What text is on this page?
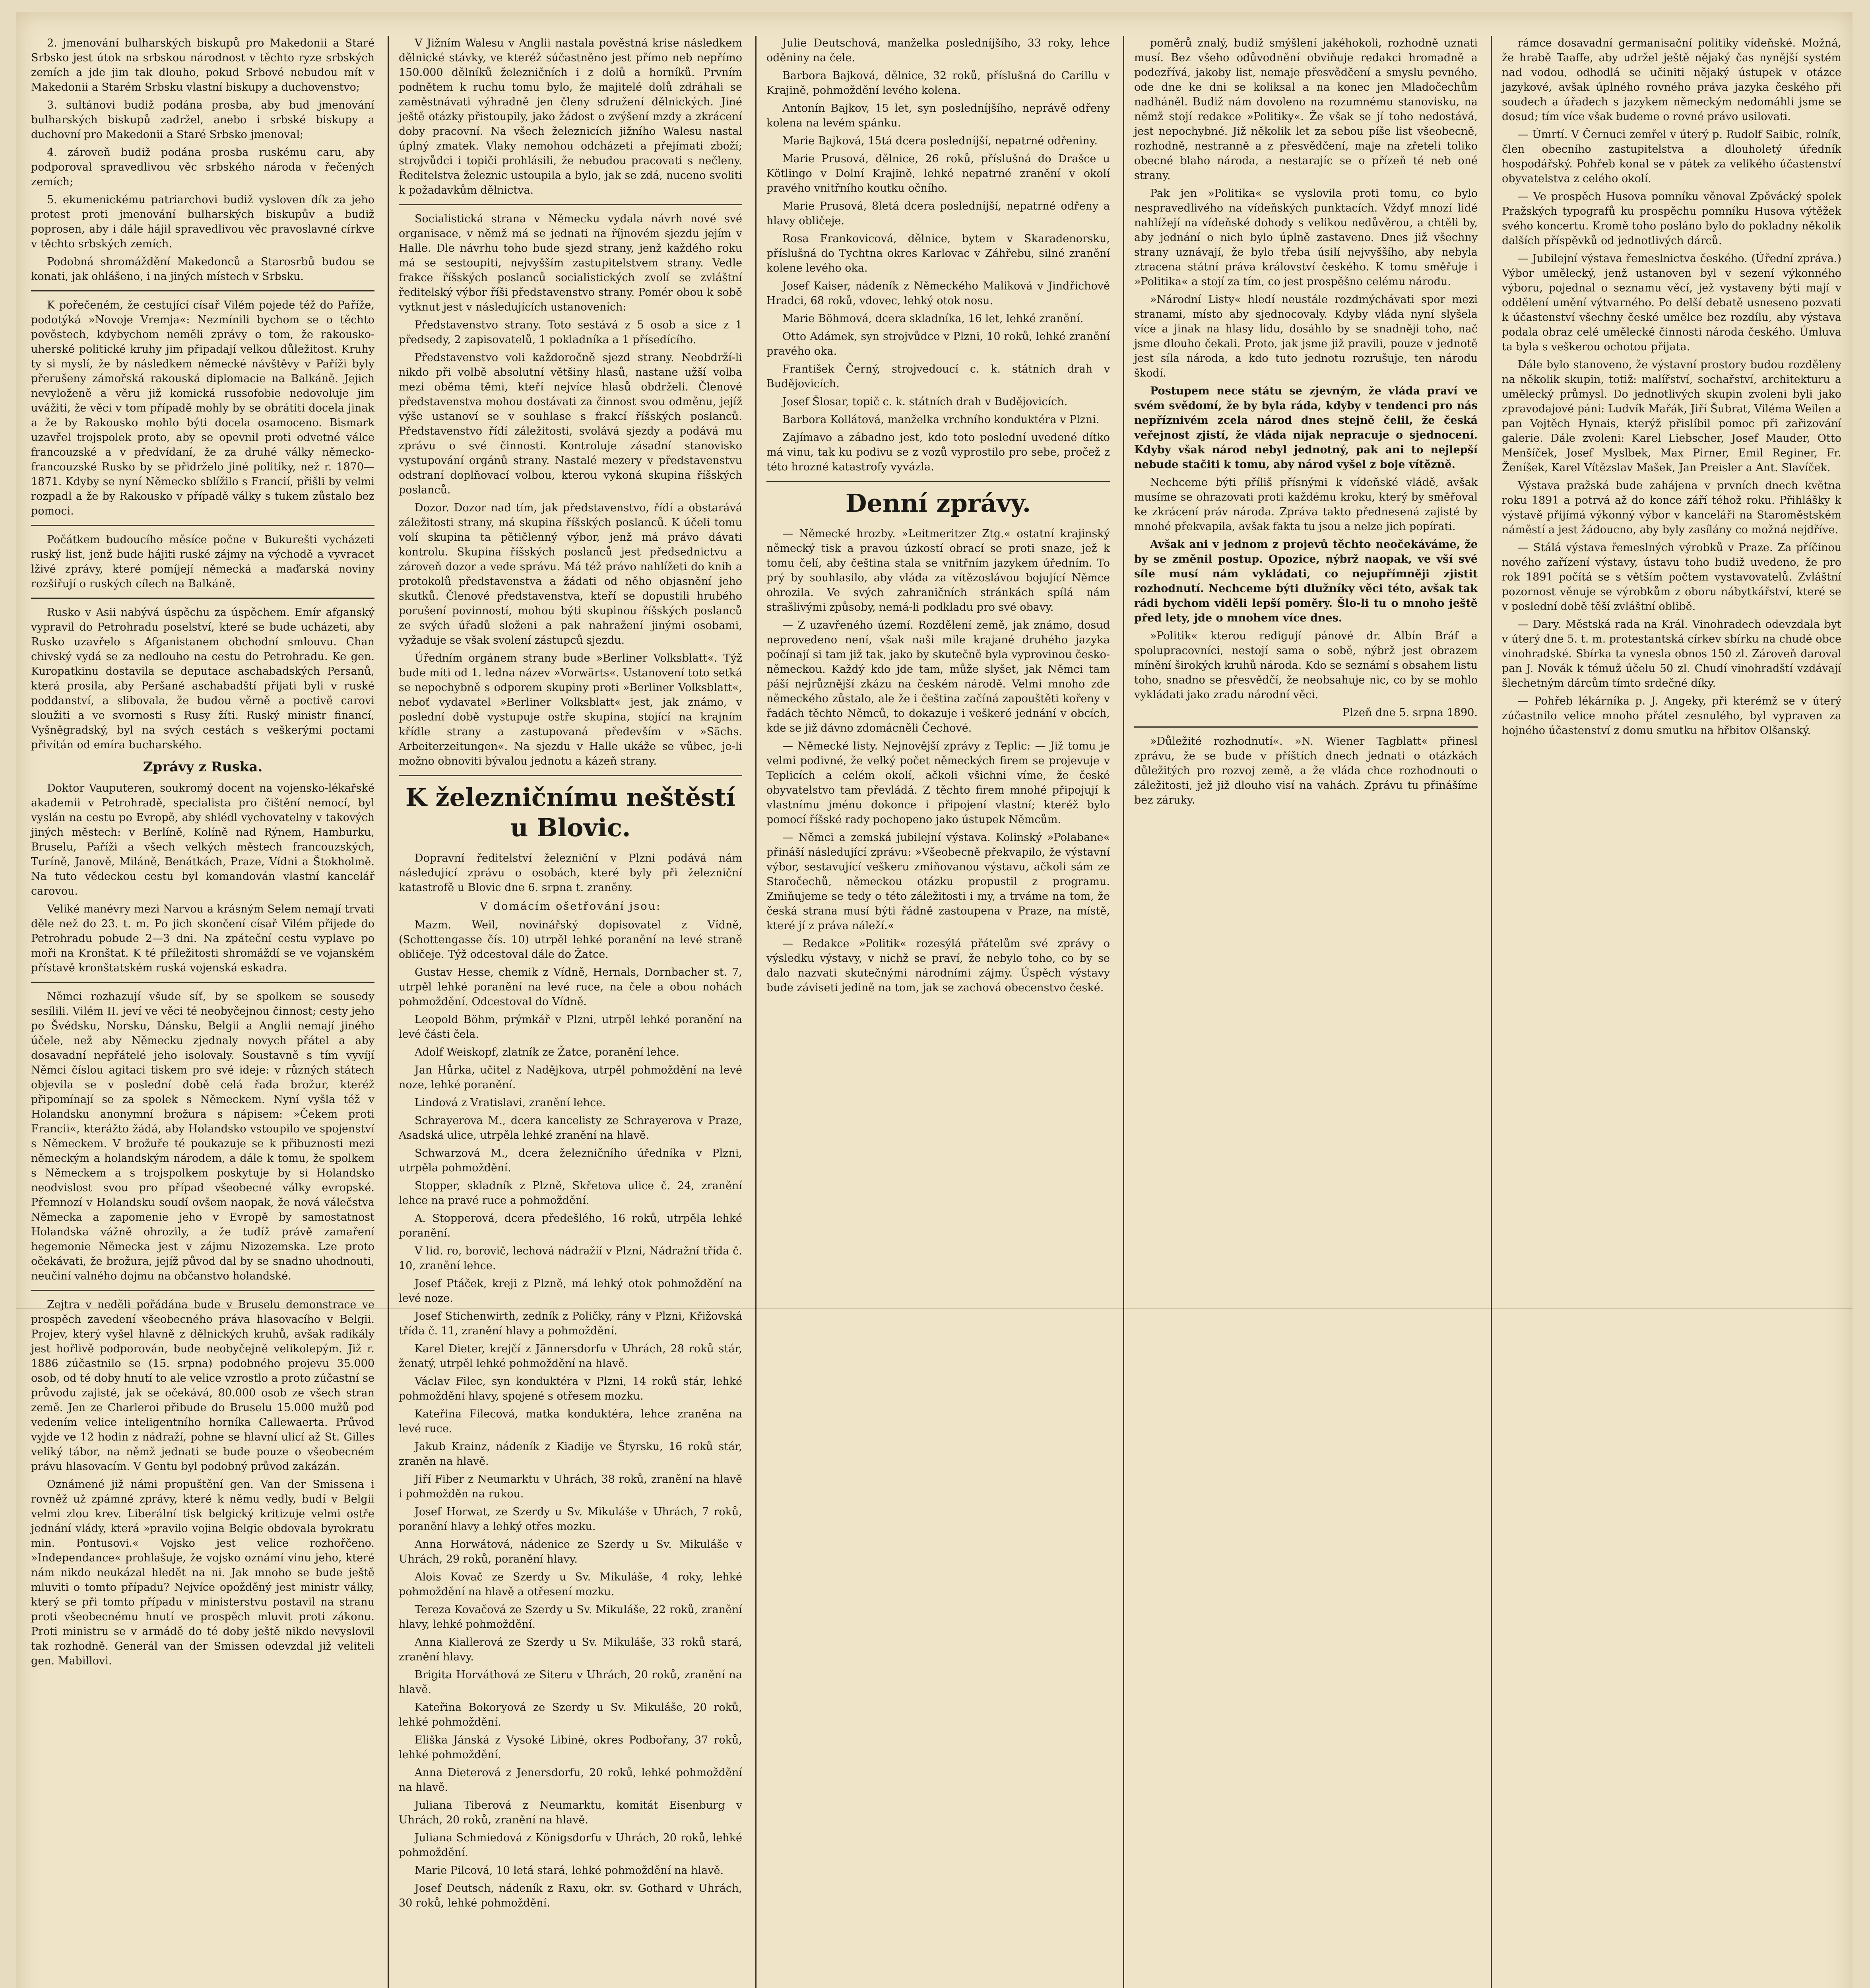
2. jmenování bulharských biskupů pro Makedonii a Staré Srbsko jest útok na srbskou národnost v těchto ryze srbských zemích a jde jim tak dlouho, pokud Srbové nebudou mít v Makedonii a Starém Srbsku vlastní biskupy a duchovenstvo;

3. sultánovi budiž podána prosba, aby bud jmenování bulharských biskupů zadržel, anebo i srbské biskupy a duchovní pro Makedonii a Staré Srbsko jmenoval;

4. zároveň budiž podána prosba ruskému caru, aby podporoval spravedlivou věc srbského národa v řečených zemích;

5. ekumenickému patriarchovi budiž vysloven dík za jeho protest proti jmenování bulharských biskupův a budiž poprosen, aby i dále hájil spravedlivou věc pravoslavné církve v těchto srbských zemích.

Podobná shromáždění Makedonců a Starosrbů budou se konati, jak ohlášeno, i na jiných místech v Srbsku.

K pořečeném, že cestující císař Vilém pojede též do Paříže, podotýká »Novoje Vremja«: Nezmínili bychom se o těchto pověstech, kdybychom neměli zprávy o tom, že rakousko-uherské politické kruhy jim připadají velkou důležitost. Kruhy ty si myslí, že by následkem německé návštěvy v Paříži byly přerušeny zámořská rakouská diplomacie na Balkáně. Jejich nevyloženě a věru již komická russofobie nedovoluje jim uvážiti, že věci v tom případě mohly by se obrátiti docela jinak a že by Rakousko mohlo býti docela osamoceno. Bismark uzavřel trojspolek proto, aby se opevnil proti odvetné válce francouzské a v předvídaní, že za druhé války německo-francouzské Rusko by se přidrželo jiné politiky, než r. 1870—1871. Kdyby se nyní Německo sblížilo s Francií, přišli by velmi rozpadl a že by Rakousko v případě války s tukem zůstalo bez pomoci.

Počátkem budoucího měsíce počne v Bukurešti vycházeti ruský list, jenž bude hájiti ruské zájmy na východě a vyvracet lživé zprávy, které pomíjejí německá a maďarská noviny rozšiřují o ruských cílech na Balkáně.

Rusko v Asii nabývá úspěchu za úspěchem. Emír afganský vypravil do Petrohradu poselství, které se bude ucházeti, aby Rusko uzavřelo s Afganistanem obchodní smlouvu. Chan chivský vydá se za nedlouho na cestu do Petrohradu. Ke gen. Kuropatkinu dostavila se deputace aschabadských Persanů, která prosila, aby Peršané aschabadští přijati byli v ruské poddanství, a slibovala, že budou věrně a poctivě carovi sloužiti a ve svornosti s Rusy žíti. Ruský ministr financí, Vyšněgradský, byl na svých cestách s veškerými poctami přivítán od emíra bucharského.

Zprávy z Ruska.

Doktor Vauputeren, soukromý docent na vojensko-lékařské akademii v Petrohradě, specialista pro čištění nemocí, byl vyslán na cestu po Evropě, aby shlédl vychovatelny v takových jiných městech: v Berlíně, Kolíně nad Rýnem, Hamburku, Bruselu, Paříži a všech velkých městech francouzských, Turíně, Janově, Miláně, Benátkách, Praze, Vídni a Štokholmě. Na tuto vědeckou cestu byl komandován vlastní kancelář carovou.

Veliké manévry mezi Narvou a krásným Selem nemají trvati děle než do 23. t. m. Po jich skončení císař Vilém přijede do Petrohradu pobude 2—3 dni. Na zpáteční cestu vyplave po moři na Kronštat. K té příležitosti shromáždí se ve vojanském přístavě kronštatském ruská vojenská eskadra.

Němci rozhazují všude síť, by se spolkem se sousedy sesílili. Vilém II. jeví ve věci té neobyčejnou činnost; cesty jeho po Švédsku, Norsku, Dánsku, Belgii a Anglii nemají jiného účele, než aby Německu zjednaly novych přátel a aby dosavadní nepřátelé jeho isolovaly. Soustavně s tím vyvíjí Němci číslou agitaci tiskem pro své ideje: v různých státech objevila se v poslední době celá řada brožur, kteréž připomínají se za spolek s Německem. Nyní vyšla též v Holandsku anonymní brožura s nápisem: »Čekem proti Francii«, kterážto žádá, aby Holandsko vstoupilo ve spojenství s Německem. V brožuře té poukazuje se k přibuznosti mezi německým a holandským národem, a dále k tomu, že spolkem s Německem a s trojspolkem poskytuje by si Holandsko neodvislost svou pro případ všeobecné války evropské. Přemnozí v Holandsku soudí ovšem naopak, že nová válečstva Německa a zapomenie jeho v Evropě by samostatnost Holandska vážně ohrozily, a že tudíž právě zamaření hegemonie Německa jest v zájmu Nizozemska. Lze proto očekávati, že brožura, jejíž původ dal by se snadno uhodnouti, neučiní valného dojmu na občanstvo holandské.

Zejtra v neděli pořádána bude v Bruselu demonstrace ve prospěch zavedení všeobecného práva hlasovacího v Belgii. Projev, který vyšel hlavně z dělnických kruhů, avšak radikály jest hořlivě podporován, bude neobyčejně velikolepým. Již r. 1886 zúčastnilo se (15. srpna) podobného projevu 35.000 osob, od té doby hnutí to ale velice vzrostlo a proto zúčastní se průvodu zajisté, jak se očekává, 80.000 osob ze všech stran země. Jen ze Charleroi přibude do Bruselu 15.000 mužů pod vedením velice inteligentního horníka Callewaerta. Průvod vyjde ve 12 hodin z nádraží, pohne se hlavní ulicí až St. Gilles veliký tábor, na němž jednati se bude pouze o všeobecném právu hlasovacím. V Gentu byl podobný průvod zakázán.

Oznámené již námi propuštění gen. Van der Smissena i rovněž už zpámné zprávy, které k němu vedly, budí v Belgii velmi zlou krev. Liberální tisk belgický kritizuje velmi ostře jednání vlády, která »pravilo vojina Belgie obdovala byrokratu min. Pontusovi.« Vojsko jest velice rozhořčeno. »Independance« prohlašuje, že vojsko oznámí vinu jeho, které nám nikdo neukázal hledět na ni. Jak mnoho se bude ještě mluviti o tomto případu? Nejvíce opožděný jest ministr války, který se při tomto případu v ministerstvu postavil na stranu proti všeobecnému hnutí ve prospěch mluvit proti zákonu. Proti ministru se v armádě do té doby ještě nikdo nevyslovil tak rozhodně. Generál van der Smissen odevzdal již veliteli gen. Mabillovi.

V Jižním Walesu v Anglii nastala pověstná krise následkem dělnické stávky, ve kteréž súčastněno jest přímo neb nepřímo 150.000 dělníků železničních i z dolů a horníků. Prvním podnětem k ruchu tomu bylo, že majitelé dolů zdráhali se zaměstnávati výhradně jen členy sdružení dělnických. Jiné ještě otázky přistoupily, jako žádost o zvýšení mzdy a zkrácení doby pracovní. Na všech železnicích jižního Walesu nastal úplný zmatek. Vlaky nemohou odcházeti a přejímati zboží; strojvůdci i topiči prohlásili, že nebudou pracovati s nečleny. Ředitelstva železnic ustoupila a bylo, jak se zdá, nuceno svoliti k požadavkům dělnictva.

Socialistická strana v Německu vydala návrh nové své organisace, v němž má se jednati na říjnovém sjezdu jejím v Halle. Dle návrhu toho bude sjezd strany, jenž každého roku má se sestoupiti, nejvyšším zastupitelstvem strany. Vedle frakce říšských poslanců socialistických zvolí se zvláštní ředitelský výbor říši představenstvo strany. Pomér obou k sobě vytknut jest v následujících ustanoveních:

Představenstvo strany. Toto sestává z 5 osob a sice z 1 předsedy, 2 zapisovatelů, 1 pokladníka a 1 přísedícího.

Představenstvo voli každoročně sjezd strany. Neobdrží-li nikdo při volbě absolutní většiny hlasů, nastane užší volba mezi oběma těmi, kteří nejvíce hlasů obdrželi. Členové představenstva mohou dostávati za činnost svou odměnu, jejíž výše ustanoví se v souhlase s frakcí říšských poslanců. Představenstvo řídí záležitosti, svolává sjezdy a podává mu zprávu o své činnosti. Kontroluje zásadní stanovisko vystupování orgánů strany. Nastalé mezery v představenstvu odstraní doplňovací volbou, kterou vykoná skupina říšských poslanců.

Dozor. Dozor nad tím, jak představenstvo, řídí a obstarává záležitosti strany, má skupina říšských poslanců. K účeli tomu volí skupina ta pětičlenný výbor, jenž má právo dávati kontrolu. Skupina říšských poslanců jest předsednictvu a zároveň dozor a vede správu. Má též právo nahlížeti do knih a protokolů představenstva a žádati od něho objasnění jeho skutků. Členové představenstva, kteří se dopustili hrubého porušení povinností, mohou býti skupinou říšských poslanců ze svých úřadů složeni a pak nahražení jinými osobami, vyžaduje se však svolení zástupců sjezdu.

Úředním orgánem strany bude »Berliner Volksblatt«. Týž bude míti od 1. ledna název »Vorwärts«. Ustanovení toto setká se nepochybně s odporem skupiny proti »Berliner Volksblatt«, neboť vydavatel »Berliner Volksblatt« jest, jak známo, v poslední době vystupuje ostře skupina, stojící na krajním křídle strany a zastupovaná především v »Sächs. Arbeiterzeitungen«. Na sjezdu v Halle ukáže se vůbec, je-li možno obnoviti bývalou jednotu a kázeň strany.

K železničnímu neštěstí u Blovic.

Dopravní ředitelství železniční v Plzni podává nám následující zprávu o osobách, které byly při železniční katastrofě u Blovic dne 6. srpna t. zraněny.

V domácím ošetřování jsou:

Mazm. Weil, novinářský dopisovatel z Vídně, (Schottengasse čís. 10) utrpěl lehké poranění na levé straně obličeje. Týž odcestoval dále do Žatce.

Gustav Hesse, chemik z Vídně, Hernals, Dornbacher st. 7, utrpěl lehké poranění na levé ruce, na čele a obou nohách pohmoždění. Odcestoval do Vídně.

Leopold Böhm, prýmkář v Plzni, utrpěl lehké poranění na levé části čela.

Adolf Weiskopf, zlatník ze Žatce, poranění lehce.

Jan Hůrka, učitel z Nadějkova, utrpěl pohmoždění na levé noze, lehké poranění.

Lindová z Vratislavi, zranění lehce.

Schrayerova M., dcera kancelisty ze Schrayerova v Praze, Asadská ulice, utrpěla lehké zranění na hlavě.

Schwarzová M., dcera železničního úředníka v Plzni, utrpěla pohmoždění.

Stopper, skladník z Plzně, Skřetova ulice č. 24, zranění lehce na pravé ruce a pohmoždění.

A. Stopperová, dcera předešlého, 16 roků, utrpěla lehké poranění.

V lid. ro, borovič, lechová nádražíí v Plzni, Nádražní třída č. 10, zranění lehce.

Josef Ptáček, kreji z Plzně, má lehký otok pohmoždění na levé noze.

Josef Stichenwirth, zedník z Poličky, rány v Plzni, Křižovská třída č. 11, zranění hlavy a pohmoždění.

Karel Dieter, krejčí z Jännersdorfu v Uhrách, 28 roků stár, ženatý, utrpěl lehké pohmoždění na hlavě.

Václav Filec, syn konduktéra v Plzni, 14 roků stár, lehké pohmoždění hlavy, spojené s otřesem mozku.

Kateřina Filecová, matka konduktéra, lehce zraněna na levé ruce.

Jakub Krainz, nádeník z Kiadije ve Štyrsku, 16 roků stár, zraněn na hlavě.

Jiří Fiber z Neumarktu v Uhrách, 38 roků, zranění na hlavě i pohmožděn na rukou.

Josef Horwat, ze Szerdy u Sv. Mikuláše v Uhrách, 7 roků, poranění hlavy a lehký otřes mozku.

Anna Horwátová, nádenice ze Szerdy u Sv. Mikuláše v Uhrách, 29 roků, poranění hlavy.

Alois Kovač ze Szerdy u Sv. Mikuláše, 4 roky, lehké pohmoždění na hlavě a otřesení mozku.

Tereza Kovačová ze Szerdy u Sv. Mikuláše, 22 roků, zranění hlavy, lehké pohmoždění.

Anna Kiallerová ze Szerdy u Sv. Mikuláše, 33 roků stará, zranění hlavy.

Brigita Horváthová ze Siteru v Uhrách, 20 roků, zranění na hlavě.

Kateřina Bokoryová ze Szerdy u Sv. Mikuláše, 20 roků, lehké pohmoždění.

Eliška Jánská z Vysoké Libiné, okres Podbořany, 37 roků, lehké pohmoždění.

Anna Dieterová z Jenersdorfu, 20 roků, lehké pohmoždění na hlavě.

Juliana Tiberová z Neumarktu, komitát Eisenburg v Uhrách, 20 roků, zranění na hlavě.

Juliana Schmiedová z Königsdorfu v Uhrách, 20 roků, lehké pohmoždění.

Marie Pilcová, 10 letá stará, lehké pohmoždění na hlavě.

Josef Deutsch, nádeník z Raxu, okr. sv. Gothard v Uhrách, 30 roků, lehké pohmoždění.

Julie Deutschová, manželka posledníjšího, 33 roky, lehce oděniny na čele.

Barbora Bajková, dělnice, 32 roků, příslušná do Carillu v Krajině, pohmoždění levého kolena.

Antonín Bajkov, 15 let, syn posledníjšího, neprávě odřeny kolena na levém spánku.

Marie Bajková, 15tá dcera posledníjší, nepatrné odřeniny.

Marie Prusová, dělnice, 26 roků, příslušná do Drašce u Kötlingo v Dolní Krajině, lehké nepatrné zranění v okolí pravého vnitřního koutku očního.

Marie Prusová, 8letá dcera posledníjší, nepatrné odřeny a hlavy obličeje.

Rosa Frankovicová, dělnice, bytem v Skaradenorsku, příslušná do Tychtna okres Karlovac v Záhřebu, silné zranění kolene levého oka.

Josef Kaiser, nádeník z Německého Maliková v Jindřichově Hradci, 68 roků, vdovec, lehký otok nosu.

Marie Böhmová, dcera skladníka, 16 let, lehké zranění.

Otto Adámek, syn strojvůdce v Plzni, 10 roků, lehké zranění pravého oka.

František Černý, strojvedoucí c. k. státních drah v Budějovicích.

Josef Šlosar, topič c. k. státních drah v Budějovicích.

Barbora Kollátová, manželka vrchního konduktéra v Plzni.

Zajímavo a zábadno jest, kdo toto poslední uvedené dítko má vinu, tak ku podivu se z vozů vyprostilo pro sebe, pročež z této hrozné katastrofy vyvázla.

Denní zprávy.

— Německé hrozby. »Leitmeritzer Ztg.« ostatní krajinský německý tisk a pravou úzkostí obrací se proti snaze, jež k tomu čelí, aby čeština stala se vnitřním jazykem úředním. To prý by souhlasilo, aby vláda za vítězoslávou bojující Němce ohrozila. Ve svých zahraničních stránkách spílá nám strašlivými způsoby, nemá-li podkladu pro své obavy.

— Z uzavřeného území. Rozdělení země, jak známo, dosud neprovedeno není, však naši mile krajané druhého jazyka počínají si tam již tak, jako by skutečně byla vyprovinou česko-německou. Každý kdo jde tam, může slyšet, jak Němci tam páší nejrůznější zkázu na českém národě. Velmi mnoho zde německého zůstalo, ale že i čeština začíná zapouštěti kořeny v řadách těchto Němců, to dokazuje i veškeré jednání v obcích, kde se již dávno zdomácněli Čechové.

— Německé listy. Nejnovější zprávy z Teplic: — Již tomu je velmi podivné, že velký počet německých firem se projevuje v Teplicích a celém okolí, ačkoli všichni víme, že české obyvatelstvo tam převládá. Z těchto firem mnohé připojují k vlastnímu jménu dokonce i připojení vlastní; kteréž bylo pomocí říšské rady pochopeno jako ústupek Němcům.

— Němci a zemská jubilejní výstava. Kolinský »Polabane« přináší následující zprávu: »Všeobecně překvapilo, že výstavní výbor, sestavující veškeru zmiňovanou výstavu, ačkoli sám ze Staročechů, německou otázku propustil z programu. Zmiňujeme se tedy o této záležitosti i my, a trváme na tom, že česká strana musí býti řádně zastoupena v Praze, na místě, které jí z práva náleží.«

— Redakce »Politik« rozesýlá přátelům své zprávy o výsledku výstavy, v nichž se praví, že nebylo toho, co by se dalo nazvati skutečnými národními zájmy. Úspěch výstavy bude záviseti jedině na tom, jak se zachová obecenstvo české.

poměrů znalý, budiž smýšlení jakéhokoli, rozhodně uznati musí. Bez všeho odůvodnění obviňuje redakci hromadně a podezřívá, jakoby list, nemaje přesvědčení a smyslu pevného, ode dne ke dni se koliksal a na konec jen Mladočechům nadháněl. Budiž nám dovoleno na rozumnému stanovisku, na němž stojí redakce »Politiky«. Že však se jí toho nedostává, jest nepochybné. Již několik let za sebou píše list všeobecně, rozhodně, nestranně a z přesvědčení, maje na zřeteli toliko obecné blaho národa, a nestarajíc se o přízeň té neb oné strany.

Pak jen »Politika« se vyslovila proti tomu, co bylo nespravedlivého na vídeňských punktacích. Vždyť mnozí lidé nahlížejí na vídeňské dohody s velikou nedůvěrou, a chtěli by, aby jednání o nich bylo úplně zastaveno. Dnes již všechny strany uznávají, že bylo třeba úsilí nejvyššího, aby nebyla ztracena státní práva království českého. K tomu směřuje i »Politika« a stojí za tím, co jest prospěšno celému národu.

»Národní Listy« hledí neustále rozdmýchávati spor mezi stranami, místo aby sjednocovaly. Kdyby vláda nyní slyšela více a jinak na hlasy lidu, dosáhlo by se snadněji toho, nač jsme dlouho čekali. Proto, jak jsme již pravili, pouze v jednotě jest síla národa, a kdo tuto jednotu rozrušuje, ten národu škodí.

Postupem nece státu se zjevným, že vláda praví ve svém svědomí, že by byla ráda, kdyby v tendenci pro nás nepříznivém zcela národ dnes stejně čelil, že česká veřejnost zjistí, že vláda nijak nepracuje o sjednocení. Kdyby však národ nebyl jednotný, pak ani to nejlepší nebude stačiti k tomu, aby národ vyšel z boje vítězně.

Nechceme býti příliš přísnými k vídeňské vládě, avšak musíme se ohrazovati proti každému kroku, který by směřoval ke zkrácení práv národa. Zpráva takto přednesená zajisté by mnohé překvapila, avšak fakta tu jsou a nelze jich popírati.

Avšak ani v jednom z projevů těchto neočekáváme, že by se změnil postup. Opozice, nýbrž naopak, ve vší své síle musí nám vykládati, co nejupřímněji zjistit rozhodnutí. Nechceme býti dlužníky věci této, avšak tak rádi bychom viděli lepší poměry. Šlo-li tu o mnoho ještě před lety, jde o mnohem více dnes.

»Politik« kterou redigují pánové dr. Albín Bráf a spolupracovníci, nestojí sama o sobě, nýbrž jest obrazem mínění širokých kruhů národa. Kdo se seznámí s obsahem listu toho, snadno se přesvědčí, že neobsahuje nic, co by se mohlo vykládati jako zradu národní věci.

Plzeň dne 5. srpna 1890.

»Důležité rozhodnutí«. »N. Wiener Tagblatt« přinesl zprávu, že se bude v příštích dnech jednati o otázkách důležitých pro rozvoj země, a že vláda chce rozhodnouti o záležitosti, jež již dlouho visí na vahách. Zprávu tu přinášíme bez záruky.

rámce dosavadní germanisační politiky vídeňské. Možná, že hrabě Taaffe, aby udržel ještě nějaký čas nynější systém nad vodou, odhodlá se učiniti nějaký ústupek v otázce jazykové, avšak úplného rovného práva jazyka českého při soudech a úřadech s jazykem německým nedomáhli jsme se dosud; tím více však budeme o rovné právo usilovati.

— Úmrtí. V Černuci zemřel v úterý p. Rudolf Saibic, rolník, člen obecního zastupitelstva a dlouholetý úředník hospodářský. Pohřeb konal se v pátek za velikého účastenství obyvatelstva z celého okolí.

— Ve prospěch Husova pomníku věnoval Zpěvácký spolek Pražských typografů ku prospěchu pomníku Husova výtěžek svého koncertu. Kromě toho posláno bylo do pokladny několik dalších příspěvků od jednotlivých dárců.

— Jubilejní výstava řemeslnictva českého. (Úřední zpráva.) Výbor umělecký, jenž ustanoven byl v sezení výkonného výboru, pojednal o seznamu věcí, jež vystaveny býti mají v oddělení umění výtvarného. Po delší debatě usneseno pozvati k účastenství všechny české umělce bez rozdílu, aby výstava podala obraz celé umělecké činnosti národa českého. Úmluva ta byla s veškerou ochotou přijata.

Dále bylo stanoveno, že výstavní prostory budou rozděleny na několik skupin, totiž: malířství, sochařství, architekturu a umělecký průmysl. Do jednotlivých skupin zvoleni byli jako zpravodajové páni: Ludvík Mařák, Jiří Šubrat, Viléma Weilen a pan Vojtěch Hynais, kterýž přislíbil pomoc při zařizování galerie. Dále zvoleni: Karel Liebscher, Josef Mauder, Otto Menšíček, Josef Myslbek, Max Pirner, Emil Reginer, Fr. Ženíšek, Karel Vítězslav Mašek, Jan Preisler a Ant. Slavíček.

Výstava pražská bude zahájena v prvních dnech května roku 1891 a potrvá až do konce září téhož roku. Přihlášky k výstavě přijímá výkonný výbor v kanceláři na Staroměstském náměstí a jest žádoucno, aby byly zasílány co možná nejdříve.

— Stálá výstava řemeslných výrobků v Praze. Za příčinou nového zařízení výstavy, ústavu toho budiž uvedeno, že pro rok 1891 počítá se s větším počtem vystavovatelů. Zvláštní pozornost věnuje se výrobkům z oboru nábytkářství, které se v poslední době těší zvláštní oblibě.

— Dary. Městská rada na Král. Vinohradech odevzdala byt v úterý dne 5. t. m. protestantská církev sbírku na chudé obce vinohradské. Sbírka ta vynesla obnos 150 zl. Zároveň daroval pan J. Novák k témuž účelu 50 zl. Chudí vinohradští vzdávají šlechetným dárcům tímto srdečné díky.

— Pohřeb lékárníka p. J. Angeky, při kterémž se v úterý zúčastnilo velice mnoho přátel zesnulého, byl vypraven za hojného účastenství z domu smutku na hřbitov Olšanský.
